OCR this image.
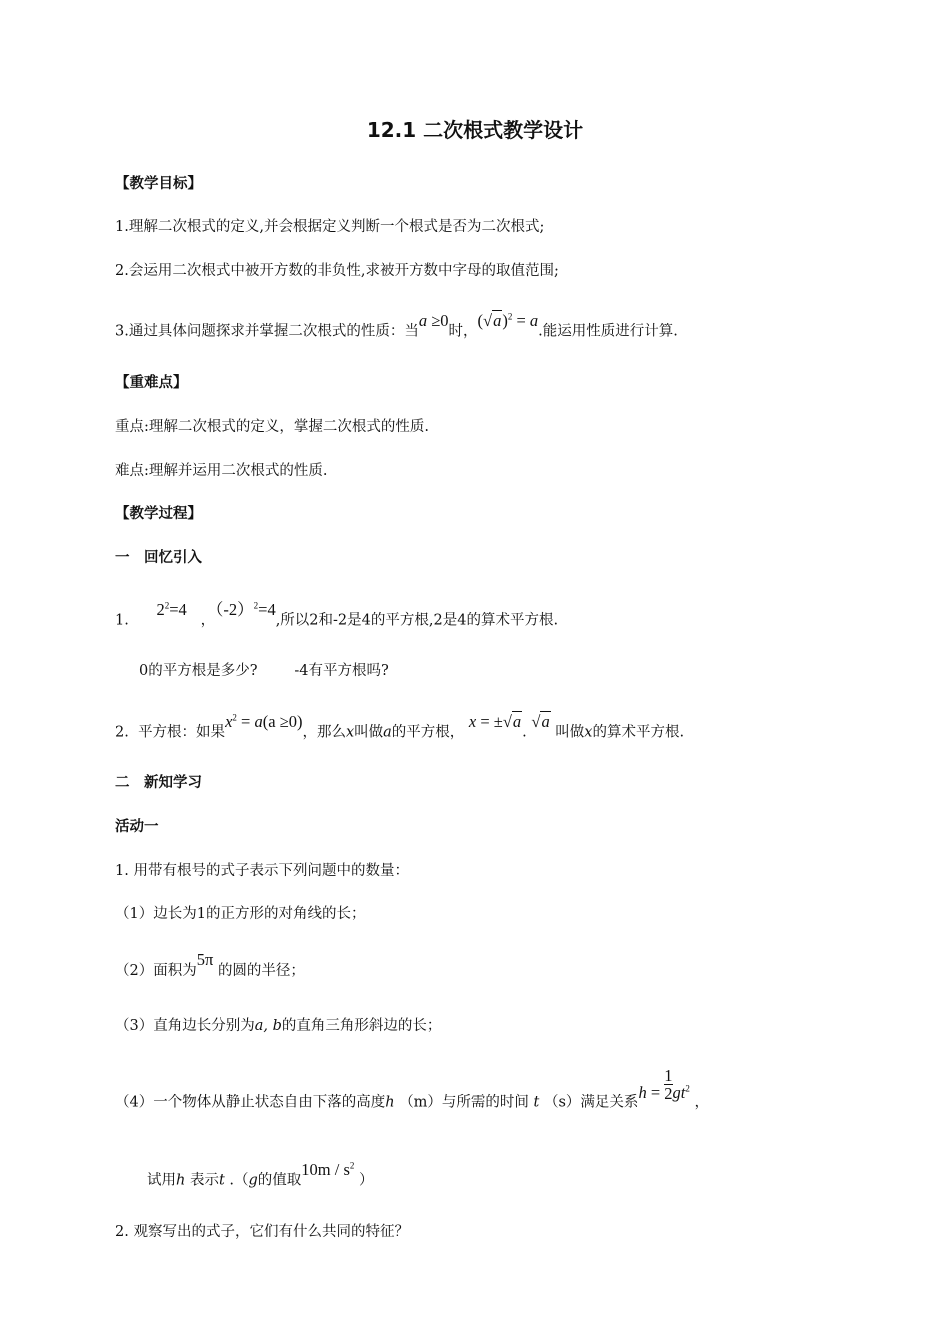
12.1 二次根式教学设计
【教学目标】
1.理解二次根式的定义,并会根据定义判断一个根式是否为二次根式;
2.会运用二次根式中被开方数的非负性,求被开方数中字母的取值范围;
3.通过具体问题探求并掌握二次根式的性质：当a ≥0时，$(√a)^2 = a$.能运用性质进行计算.
【重难点】
重点:理解二次根式的定义，掌握二次根式的性质.
难点:理解并运用二次根式的性质.
【教学过程】
一　回忆引入
1.      $2^2=4$   ，$(-2)^2=4$,所以2和-2是4的平方根,2是4的算术平方根.
0的平方根是多少?	-4有平方根吗?
2. 平方根：如果$x^2 = a(a \ge 0)$，那么x叫做a的平方根， x = ±√a. √a 叫做x的算术平方根.
二　新知学习
活动一
1. 用带有根号的式子表示下列问题中的数量：
（1）边长为1的正方形的对角线的长；
（2）面积为5π 的圆的半径；
（3）直角边长分别为a, b的直角三角形斜边的长；
（4）一个物体从静止状态自由下落的高度h （m）与所需的时间 t （s）满足关系$h = \frac{1}{2} gt^2$ ，
试用h 表示t .（g的值取$10m / s^2$ ）
2. 观察写出的式子，它们有什么共同的特征？
